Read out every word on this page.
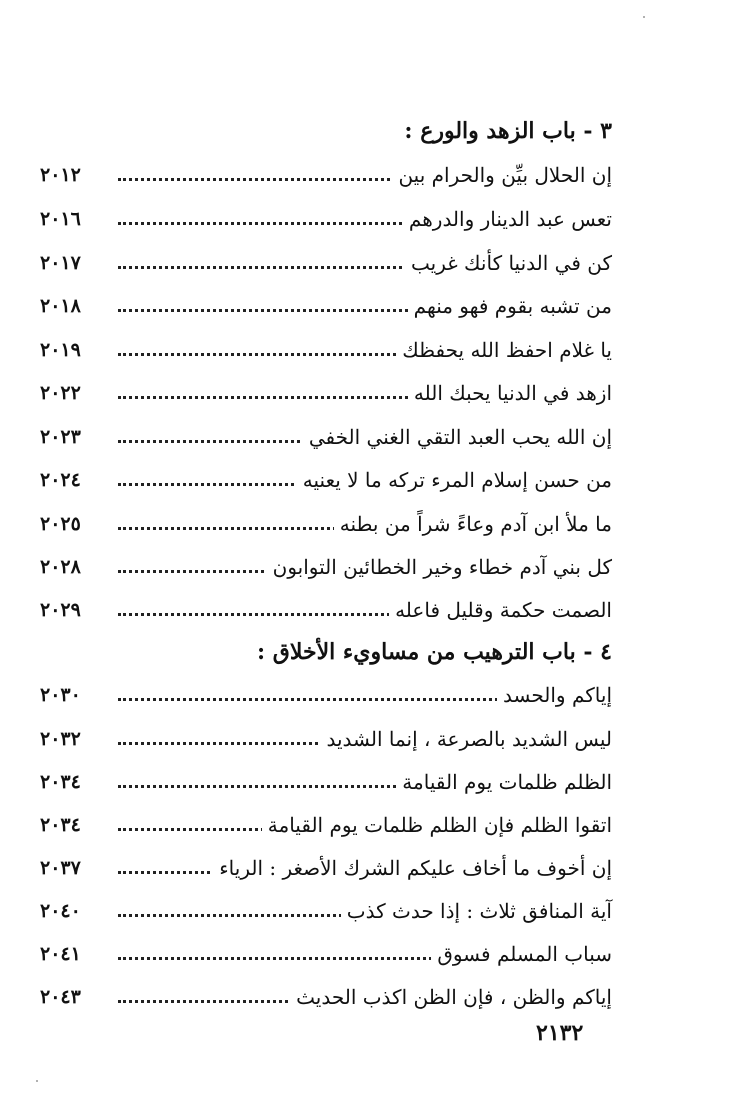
٣ - باب الزهد والورع :
إن الحلال بيِّن والحرام بين
٢٠١٢
تعس عبد الدينار والدرهم
٢٠١٦
كن في الدنيا كأنك غريب
٢٠١٧
من تشبه بقوم فهو منهم
٢٠١٨
يا غلام احفظ الله يحفظك
٢٠١٩
ازهد في الدنيا يحبك الله
٢٠٢٢
إن الله يحب العبد التقي الغني الخفي
٢٠٢٣
من حسن إسلام المرء تركه ما لا يعنيه
٢٠٢٤
ما ملأ ابن آدم وعاءً شراً من بطنه
٢٠٢٥
كل بني آدم خطاء وخير الخطائين التوابون
٢٠٢٨
الصمت حكمة وقليل فاعله
٢٠٢٩
٤ - باب الترهيب من مساويء الأخلاق :
إياكم والحسد
٢٠٣٠
ليس الشديد بالصرعة ، إنما الشديد
٢٠٣٢
الظلم ظلمات يوم القيامة
٢٠٣٤
اتقوا الظلم فإن الظلم ظلمات يوم القيامة
٢٠٣٤
إن أخوف ما أخاف عليكم الشرك الأصغر : الرياء
٢٠٣٧
آية المنافق ثلاث : إذا حدث كذب
٢٠٤٠
سباب المسلم فسوق
٢٠٤١
إياكم والظن ، فإن الظن اكذب الحديث
٢٠٤٣
٢١٣٢
